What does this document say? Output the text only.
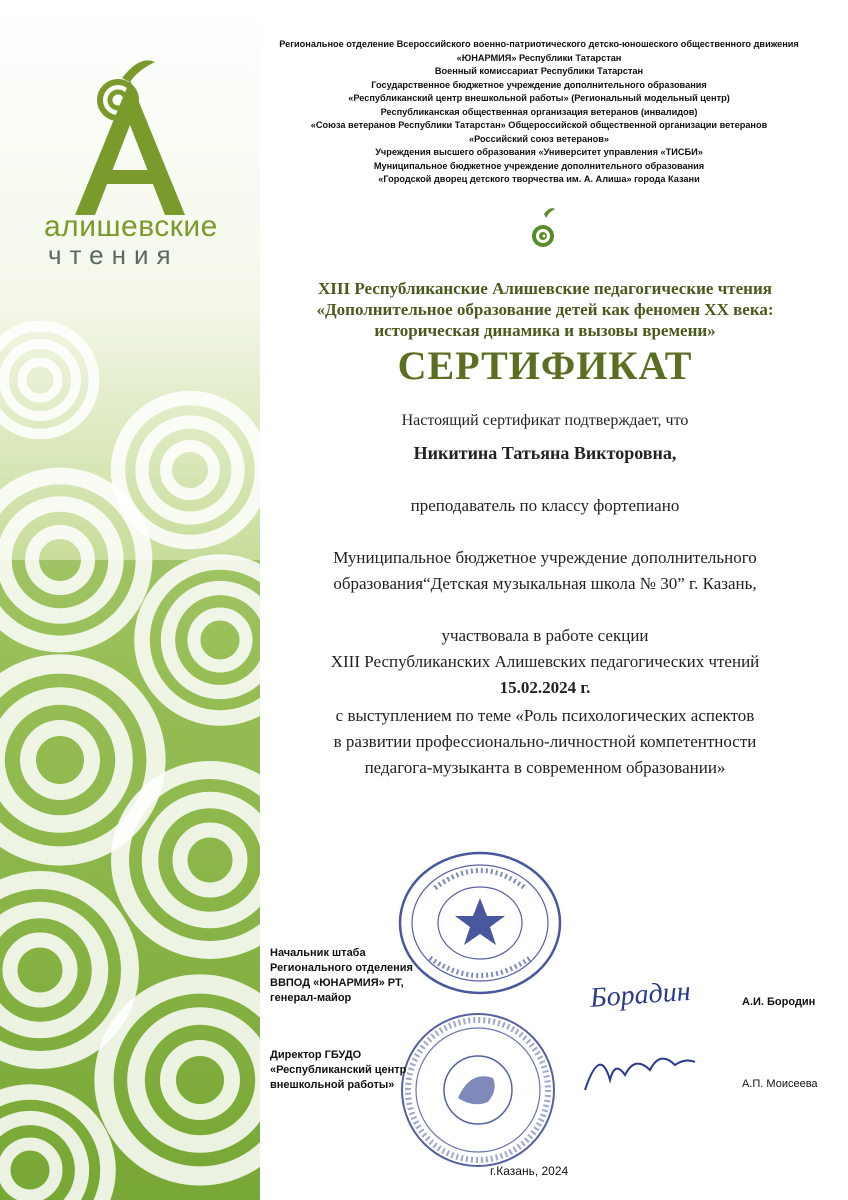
алишевские
чтения
Региональное отделение Всероссийского военно-патриотического детско-юношеского общественного движения
«ЮНАРМИЯ» Республики Татарстан
Военный комиссариат Республики Татарстан
Государственное бюджетное учреждение дополнительного образования
«Республиканский центр внешкольной работы» (Региональный модельный центр)
Республиканская общественная организация ветеранов (инвалидов)
«Союза ветеранов Республики Татарстан» Общероссийской общественной организации ветеранов
«Российский союз ветеранов»
Учреждения высшего образования «Университет управления «ТИСБИ»
Муниципальное бюджетное учреждение дополнительного образования
«Городской дворец детского творчества им. А. Алиша» города Казани
XIII Республиканские Алишевские педагогические чтения
«Дополнительное образование детей как феномен XX века:
историческая динамика и вызовы времени»
СЕРТИФИКАТ
Настоящий сертификат подтверждает, что
Никитина Татьяна Викторовна,
преподаватель по классу фортепиано
Муниципальное бюджетное учреждение дополнительного
образования“Детская музыкальная школа № 30” г. Казань,
участвовала в работе секции
XIII Республиканских Алишевских педагогических чтений
15.02.2024 г.
с выступлением по теме «Роль психологических аспектов
в развитии профессионально-личностной компетентности
педагога-музыканта в современном образовании»
Начальник штаба
Регионального отделения
ВВПОД «ЮНАРМИЯ» РТ,
генерал-майор	Борадин	А.И. Бородин
Директор ГБУДО
«Республиканский центр
внешкольной работы»	А.П. Моисеева
г.Казань, 2024
